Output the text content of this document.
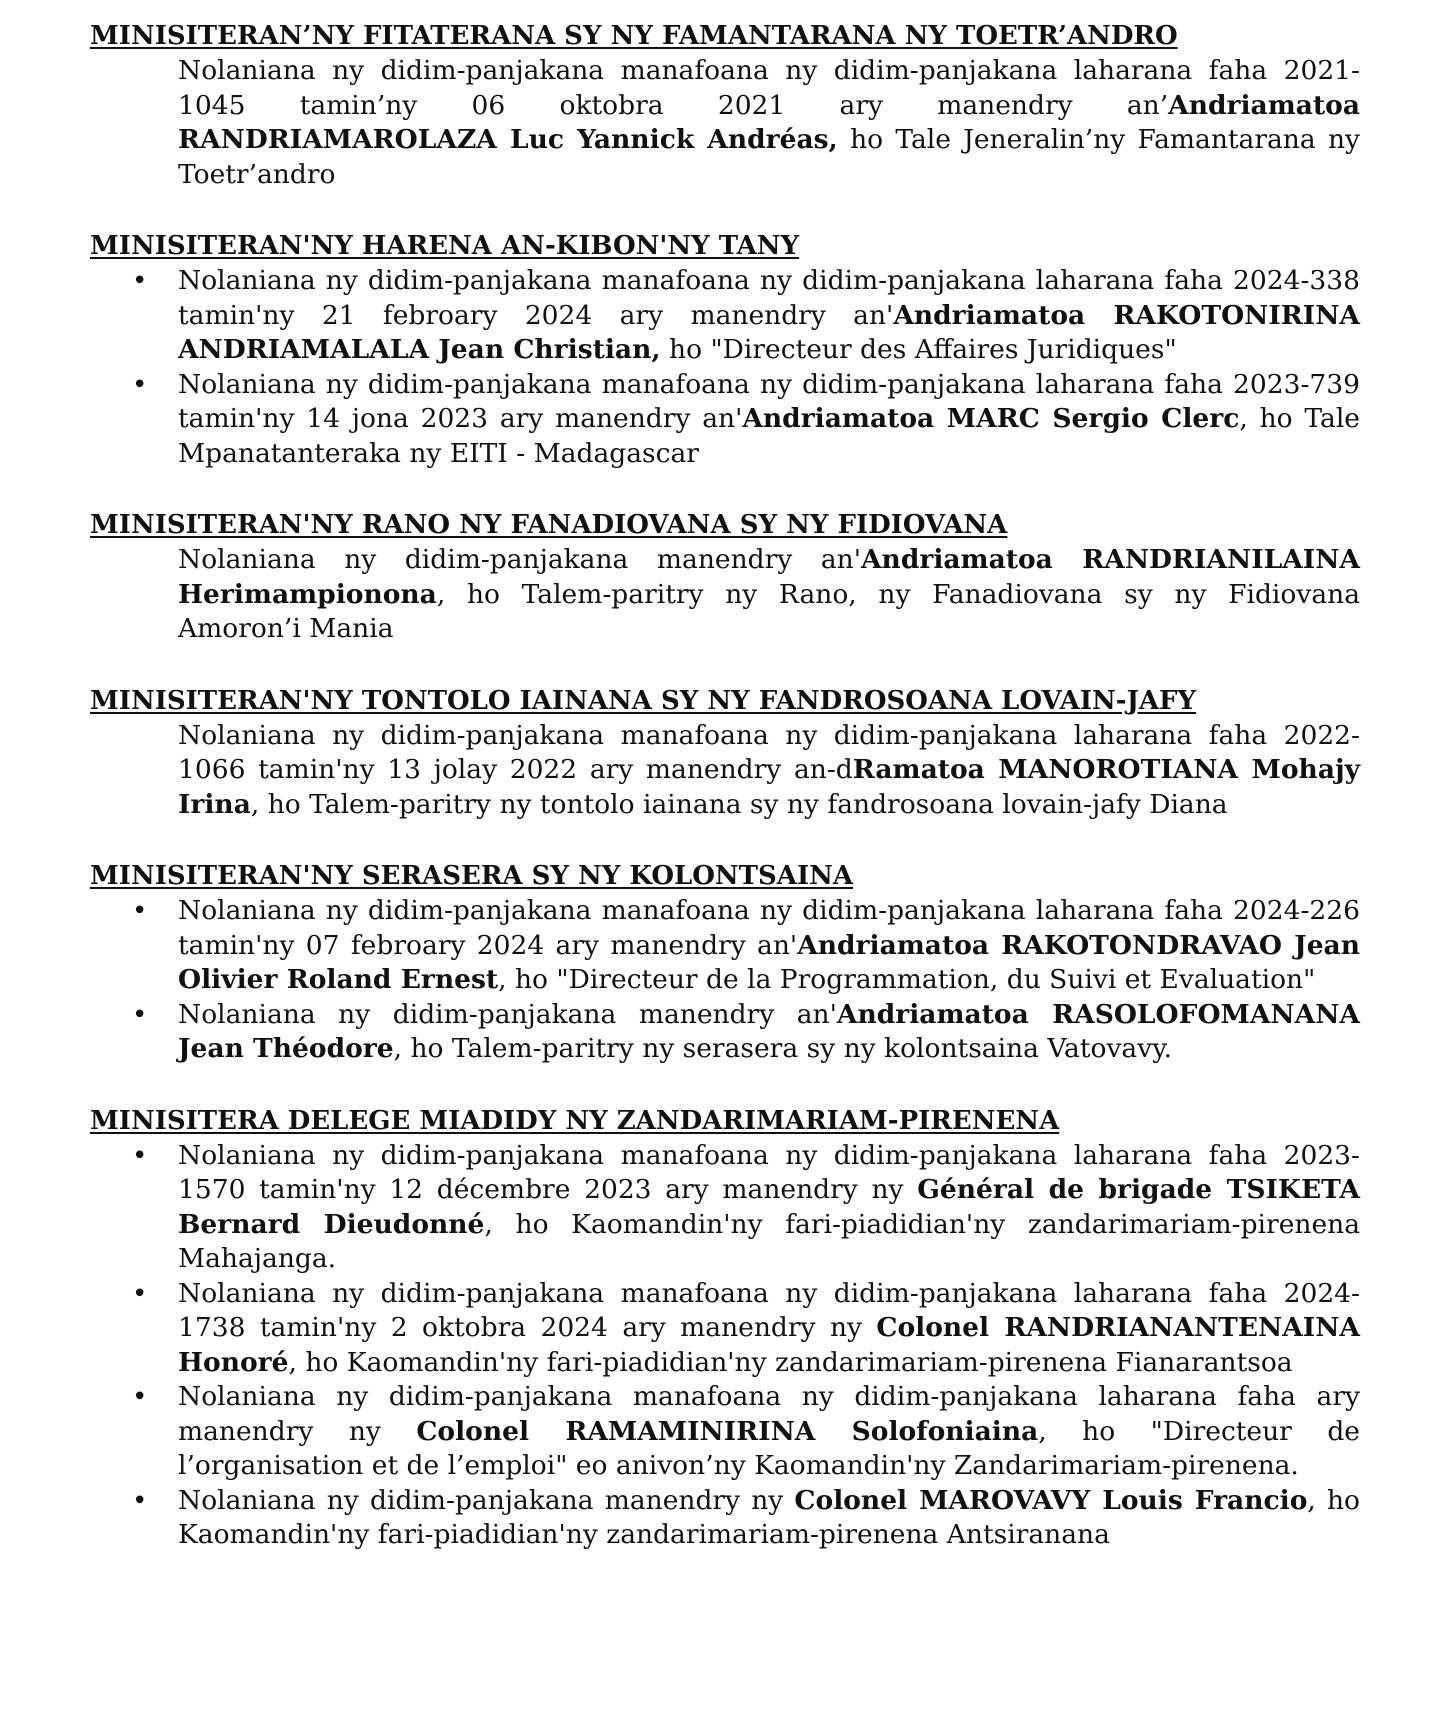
MINISITERAN’NY FITATERANA SY NY FAMANTARANA NY TOETR’ANDRO
Nolaniana ny didim-panjakana manafoana ny didim-panjakana laharana faha 2021-1045 tamin’ny 06 oktobra 2021 ary manendry an’Andriamatoa RANDRIAMAROLAZA Luc Yannick Andréas, ho Tale Jeneralin’ny Famantarana ny Toetr’andro
MINISITERAN'NY HARENA AN-KIBON'NY TANY
• Nolaniana ny didim-panjakana manafoana ny didim-panjakana laharana faha 2024-338 tamin'ny 21 febroary 2024 ary manendry an'Andriamatoa RAKOTONIRINA ANDRIAMALALA Jean Christian, ho "Directeur des Affaires Juridiques"
• Nolaniana ny didim-panjakana manafoana ny didim-panjakana laharana faha 2023-739 tamin'ny 14 jona 2023 ary manendry an'Andriamatoa MARC Sergio Clerc, ho Tale Mpanatanteraka ny EITI - Madagascar
MINISITERAN'NY RANO NY FANADIOVANA SY NY FIDIOVANA
Nolaniana ny didim-panjakana manendry an'Andriamatoa RANDRIANILAINA Herimampionona, ho Talem-paritry ny Rano, ny Fanadiovana sy ny Fidiovana Amoron’i Mania
MINISITERAN'NY TONTOLO IAINANA SY NY FANDROSOANA LOVAIN-JAFY
Nolaniana ny didim-panjakana manafoana ny didim-panjakana laharana faha 2022-1066 tamin'ny 13 jolay 2022 ary manendry an-dRamatoa MANOROTIANA Mohajy Irina, ho Talem-paritry ny tontolo iainana sy ny fandrosoana lovain-jafy Diana
MINISITERAN'NY SERASERA SY NY KOLONTSAINA
• Nolaniana ny didim-panjakana manafoana ny didim-panjakana laharana faha 2024-226 tamin'ny 07 febroary 2024 ary manendry an'Andriamatoa RAKOTONDRAVAO Jean Olivier Roland Ernest, ho "Directeur de la Programmation, du Suivi et Evaluation"
• Nolaniana ny didim-panjakana manendry an'Andriamatoa RASOLOFOMANANA Jean Théodore, ho Talem-paritry ny serasera sy ny kolontsaina Vatovavy.
MINISITERA DELEGE MIADIDY NY ZANDARIMARIAM-PIRENENA
• Nolaniana ny didim-panjakana manafoana ny didim-panjakana laharana faha 2023-1570 tamin'ny 12 décembre 2023 ary manendry ny Général de brigade TSIKETA Bernard Dieudonné, ho Kaomandin'ny fari-piadidian'ny zandarimariam-pirenena Mahajanga.
• Nolaniana ny didim-panjakana manafoana ny didim-panjakana laharana faha 2024-1738 tamin'ny 2 oktobra 2024 ary manendry ny Colonel RANDRIANANTENAINA Honoré, ho Kaomandin'ny fari-piadidian'ny zandarimariam-pirenena Fianarantsoa
• Nolaniana ny didim-panjakana manafoana ny didim-panjakana laharana faha ary manendry ny Colonel RAMAMINIRINA Solofoniaina, ho "Directeur de l’organisation et de l’emploi" eo anivon’ny Kaomandin'ny Zandarimariam-pirenena.
• Nolaniana ny didim-panjakana manendry ny Colonel MAROVAVY Louis Francio, ho Kaomandin'ny fari-piadidian'ny zandarimariam-pirenena Antsiranana
